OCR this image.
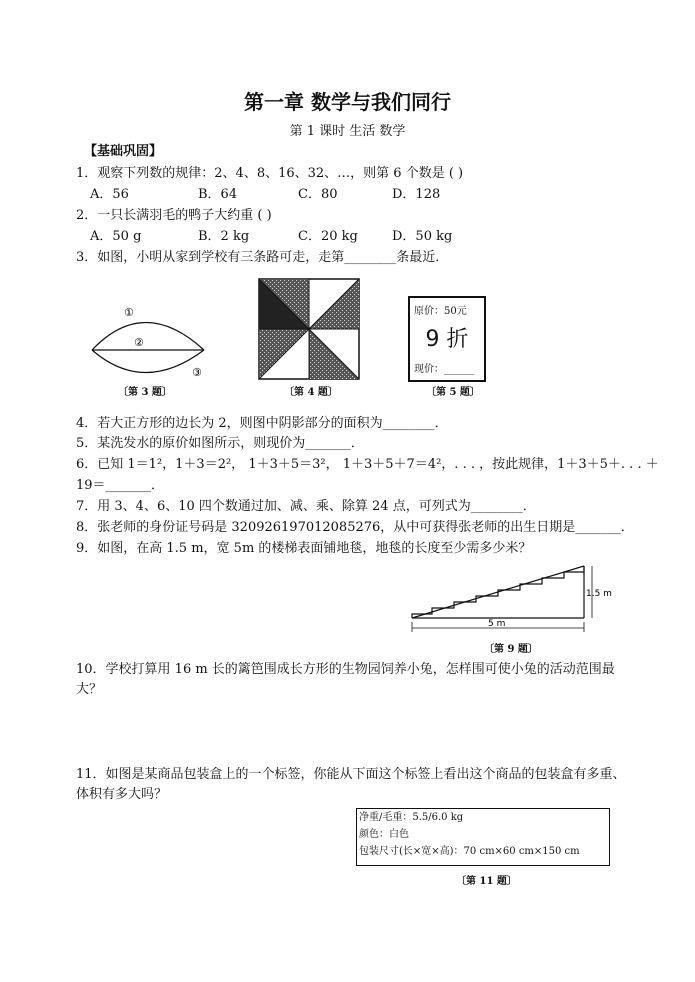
第一章 数学与我们同行
第 1 课时 生活 数学
【基础巩固】
1．观察下列数的规律：2、4、8、16、32、…，则第 6 个数是 ( )
A．56	B．64	C．80	D．128
2．一只长满羽毛的鸭子大约重 ( )
A．50 g	B．2 kg	C．20 kg	D．50 kg
3．如图，小明从家到学校有三条路可走，走第________条最近．
①
②
③
〔第 3 题〕	〔第 4 题〕
原价：50元
9 折
现价：______
〔第 5 题〕
4．若大正方形的边长为 2，则图中阴影部分的面积为________．
5．某洗发水的原价如图所示，则现价为_______．
6．已知 1＝1²，1＋3＝2²， 1＋3＋5＝3²， 1＋3＋5＋7＝4²，. . . ，按此规律，1＋3＋5＋. . . ＋
19＝_______．
7．用 3、4、6、10 四个数通过加、减、乘、除算 24 点，可列式为________．
8．张老师的身份证号码是 320926197012085276，从中可获得张老师的出生日期是_______．
9．如图，在高 1.5 m，宽 5m 的楼梯表面铺地毯，地毯的长度至少需多少米？
5 m
1.5 m
〔第 9 题〕
10．学校打算用 16 m 长的篱笆围成长方形的生物园饲养小兔，怎样围可使小兔的活动范围最大？
11．如图是某商品包装盒上的一个标签，你能从下面这个标签上看出这个商品的包装盒有多重、体积有多大吗？
净重/毛重：5.5/6.0 kg
颜色：白色
包装尺寸(长×宽×高)：70 cm×60 cm×150 cm
〔第 11 题〕
